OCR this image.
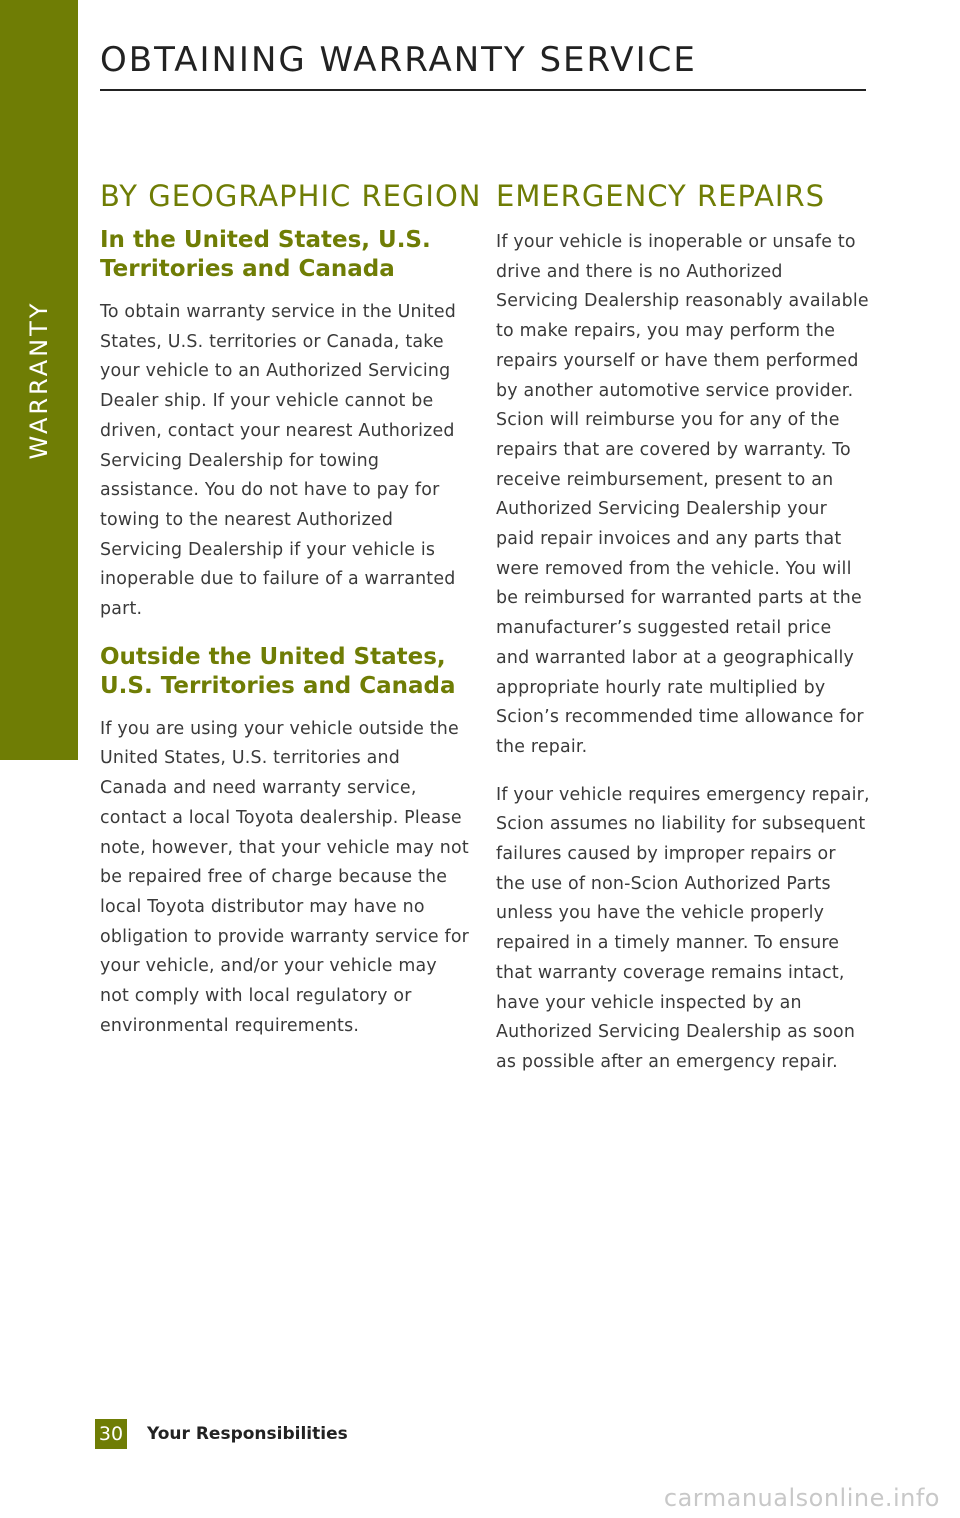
WARRANTY
OBTAINING WARRANTY SERVICE
BY GEOGRAPHIC REGION
In the United States, U.S. Territories and Canada

To obtain warranty service in the United States, U.S. territories or Canada, take your vehicle to an Authorized Servicing Dealer ship. If your vehicle cannot be driven, contact your nearest Authorized Servicing Dealership for towing assistance. You do not have to pay for towing to the nearest Authorized Servicing Dealership if your vehicle is inoperable due to failure of a warranted part.

Outside the United States, U.S. Territories and Canada

If you are using your vehicle outside the United States, U.S. territories and Canada and need warranty service, contact a local Toyota dealership. Please note, however, that your vehicle may not be repaired free of charge because the local Toyota distributor may have no obligation to provide warranty service for your vehicle, and/or your vehicle may not comply with local regulatory or environmental requirements.

EMERGENCY REPAIRS

If your vehicle is inoperable or unsafe to drive and there is no Authorized Servicing Dealership reasonably available to make repairs, you may perform the repairs yourself or have them performed by another automotive service provider. Scion will reimburse you for any of the repairs that are covered by warranty. To receive reimbursement, present to an Authorized Servicing Dealership your paid repair invoices and any parts that were removed from the vehicle. You will be reimbursed for warranted parts at the manufacturer’s suggested retail price and warranted labor at a geographically appropriate hourly rate multiplied by Scion’s recommended time allowance for the repair.

If your vehicle requires emergency repair, Scion assumes no liability for subsequent failures caused by improper repairs or the use of non-Scion Authorized Parts unless you have the vehicle properly repaired in a timely manner. To ensure that warranty coverage remains intact, have your vehicle inspected by an Authorized Servicing Dealership as soon as possible after an emergency repair.

30 Your Responsibilities
carmanualsonline.info
